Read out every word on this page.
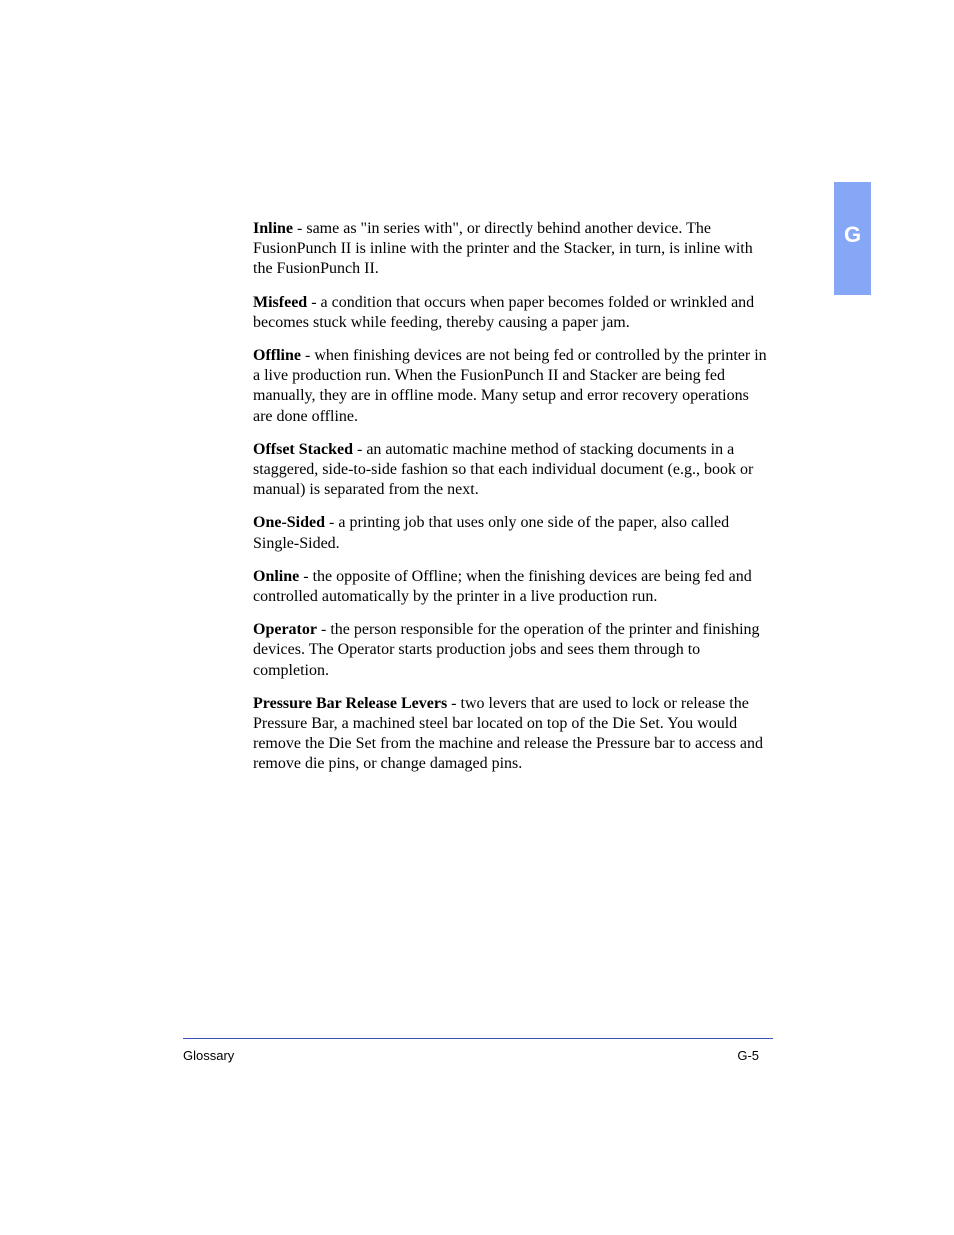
G

Inline - same as "in series with", or directly behind another device. The FusionPunch II is inline with the printer and the Stacker, in turn, is inline with the FusionPunch II.

Misfeed - a condition that occurs when paper becomes folded or wrinkled and becomes stuck while feeding, thereby causing a paper jam.

Offline - when finishing devices are not being fed or controlled by the printer in a live production run. When the FusionPunch II and Stacker are being fed manually, they are in offline mode. Many setup and error recovery operations are done offline.

Offset Stacked - an automatic machine method of stacking documents in a staggered, side-to-side fashion so that each individual document (e.g., book or manual) is separated from the next.

One-Sided - a printing job that uses only one side of the paper, also called Single-Sided.

Online - the opposite of Offline; when the finishing devices are being fed and controlled automatically by the printer in a live production run.

Operator - the person responsible for the operation of the printer and finishing devices. The Operator starts production jobs and sees them through to completion.

Pressure Bar Release Levers - two levers that are used to lock or release the Pressure Bar, a machined steel bar located on top of the Die Set. You would remove the Die Set from the machine and release the Pressure bar to access and remove die pins, or change damaged pins.

Glossary	G-5
